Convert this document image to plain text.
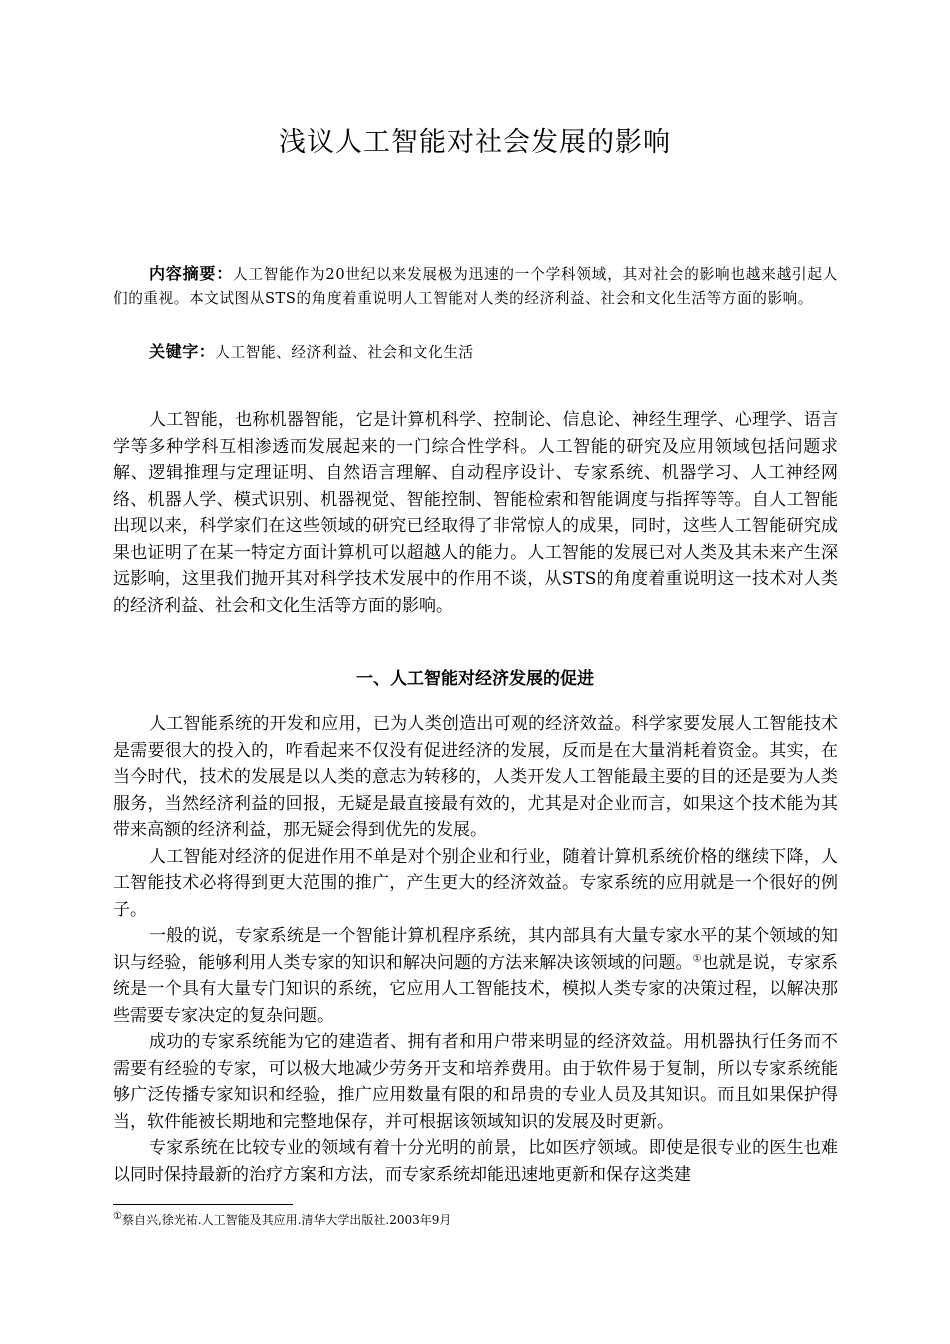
浅议人工智能对社会发展的影响
内容摘要：人工智能作为20世纪以来发展极为迅速的一个学科领域，其对社会的影响也越来越引起人们的重视。本文试图从STS的角度着重说明人工智能对人类的经济利益、社会和文化生活等方面的影响。
关键字：人工智能、经济利益、社会和文化生活

人工智能，也称机器智能，它是计算机科学、控制论、信息论、神经生理学、心理学、语言学等多种学科互相渗透而发展起来的一门综合性学科。人工智能的研究及应用领域包括问题求解、逻辑推理与定理证明、自然语言理解、自动程序设计、专家系统、机器学习、人工神经网络、机器人学、模式识别、机器视觉、智能控制、智能检索和智能调度与指挥等等。自人工智能出现以来，科学家们在这些领域的研究已经取得了非常惊人的成果，同时，这些人工智能研究成果也证明了在某一特定方面计算机可以超越人的能力。人工智能的发展已对人类及其未来产生深远影响，这里我们抛开其对科学技术发展中的作用不谈，从STS的角度着重说明这一技术对人类的经济利益、社会和文化生活等方面的影响。

一、人工智能对经济发展的促进

人工智能系统的开发和应用，已为人类创造出可观的经济效益。科学家要发展人工智能技术是需要很大的投入的，咋看起来不仅没有促进经济的发展，反而是在大量消耗着资金。其实，在当今时代，技术的发展是以人类的意志为转移的，人类开发人工智能最主要的目的还是要为人类服务，当然经济利益的回报，无疑是最直接最有效的，尤其是对企业而言，如果这个技术能为其带来高额的经济利益，那无疑会得到优先的发展。

人工智能对经济的促进作用不单是对个别企业和行业，随着计算机系统价格的继续下降，人工智能技术必将得到更大范围的推广，产生更大的经济效益。专家系统的应用就是一个很好的例子。

一般的说，专家系统是一个智能计算机程序系统，其内部具有大量专家水平的某个领域的知识与经验，能够利用人类专家的知识和解决问题的方法来解决该领域的问题。①也就是说，专家系统是一个具有大量专门知识的系统，它应用人工智能技术，模拟人类专家的决策过程，以解决那些需要专家决定的复杂问题。

成功的专家系统能为它的建造者、拥有者和用户带来明显的经济效益。用机器执行任务而不需要有经验的专家，可以极大地减少劳务开支和培养费用。由于软件易于复制，所以专家系统能够广泛传播专家知识和经验，推广应用数量有限的和昂贵的专业人员及其知识。而且如果保护得当，软件能被长期地和完整地保存，并可根据该领域知识的发展及时更新。

专家系统在比较专业的领域有着十分光明的前景，比如医疗领域。即使是很专业的医生也难以同时保持最新的治疗方案和方法，而专家系统却能迅速地更新和保存这类建

①蔡自兴,徐光祐.人工智能及其应用.清华大学出版社.2003年9月
